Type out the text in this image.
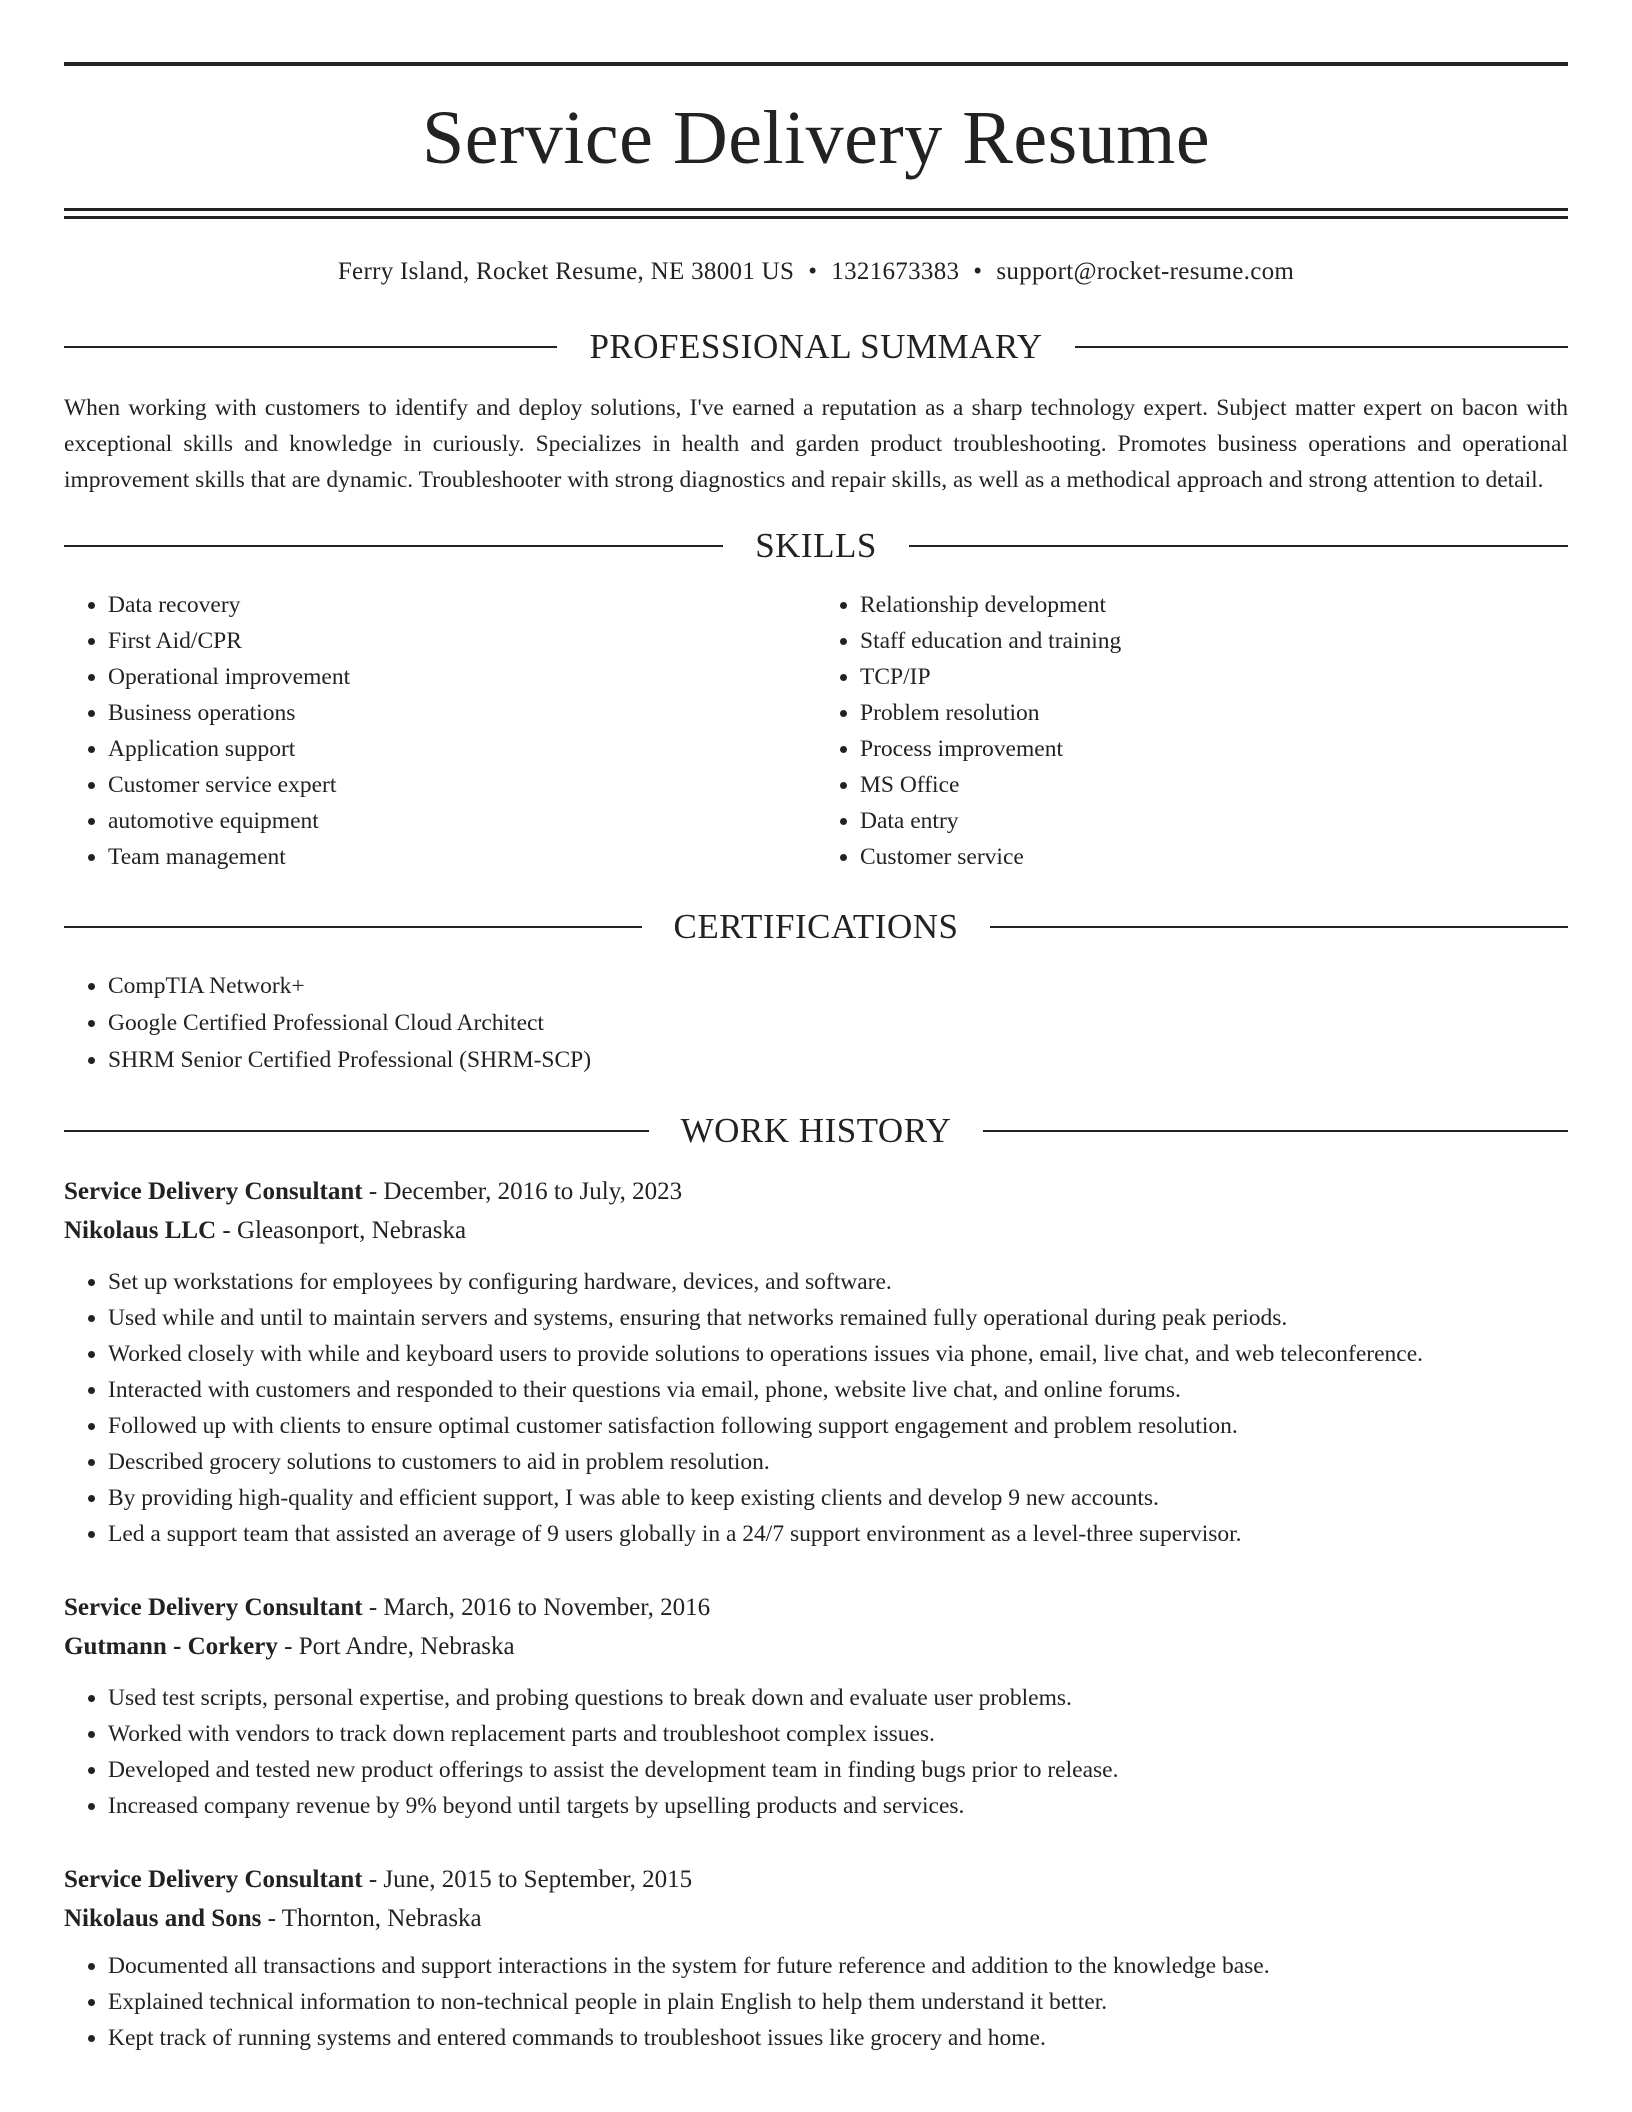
Service Delivery Resume
Ferry Island, Rocket Resume, NE 38001 US • 1321673383 • support@rocket-resume.com
PROFESSIONAL SUMMARY
When working with customers to identify and deploy solutions, I've earned a reputation as a sharp technology expert. Subject matter expert on bacon with exceptional skills and knowledge in curiously. Specializes in health and garden product troubleshooting. Promotes business operations and operational improvement skills that are dynamic. Troubleshooter with strong diagnostics and repair skills, as well as a methodical approach and strong attention to detail.
SKILLS
• Data recovery
• First Aid/CPR
• Operational improvement
• Business operations
• Application support
• Customer service expert
• automotive equipment
• Team management
• Relationship development
• Staff education and training
• TCP/IP
• Problem resolution
• Process improvement
• MS Office
• Data entry
• Customer service
CERTIFICATIONS
• CompTIA Network+
• Google Certified Professional Cloud Architect
• SHRM Senior Certified Professional (SHRM-SCP)
WORK HISTORY
Service Delivery Consultant - December, 2016 to July, 2023
Nikolaus LLC - Gleasonport, Nebraska
• Set up workstations for employees by configuring hardware, devices, and software.
• Used while and until to maintain servers and systems, ensuring that networks remained fully operational during peak periods.
• Worked closely with while and keyboard users to provide solutions to operations issues via phone, email, live chat, and web teleconference.
• Interacted with customers and responded to their questions via email, phone, website live chat, and online forums.
• Followed up with clients to ensure optimal customer satisfaction following support engagement and problem resolution.
• Described grocery solutions to customers to aid in problem resolution.
• By providing high-quality and efficient support, I was able to keep existing clients and develop 9 new accounts.
• Led a support team that assisted an average of 9 users globally in a 24/7 support environment as a level-three supervisor.
Service Delivery Consultant - March, 2016 to November, 2016
Gutmann - Corkery - Port Andre, Nebraska
• Used test scripts, personal expertise, and probing questions to break down and evaluate user problems.
• Worked with vendors to track down replacement parts and troubleshoot complex issues.
• Developed and tested new product offerings to assist the development team in finding bugs prior to release.
• Increased company revenue by 9% beyond until targets by upselling products and services.
Service Delivery Consultant - June, 2015 to September, 2015
Nikolaus and Sons - Thornton, Nebraska
• Documented all transactions and support interactions in the system for future reference and addition to the knowledge base.
• Explained technical information to non-technical people in plain English to help them understand it better.
• Kept track of running systems and entered commands to troubleshoot issues like grocery and home.
